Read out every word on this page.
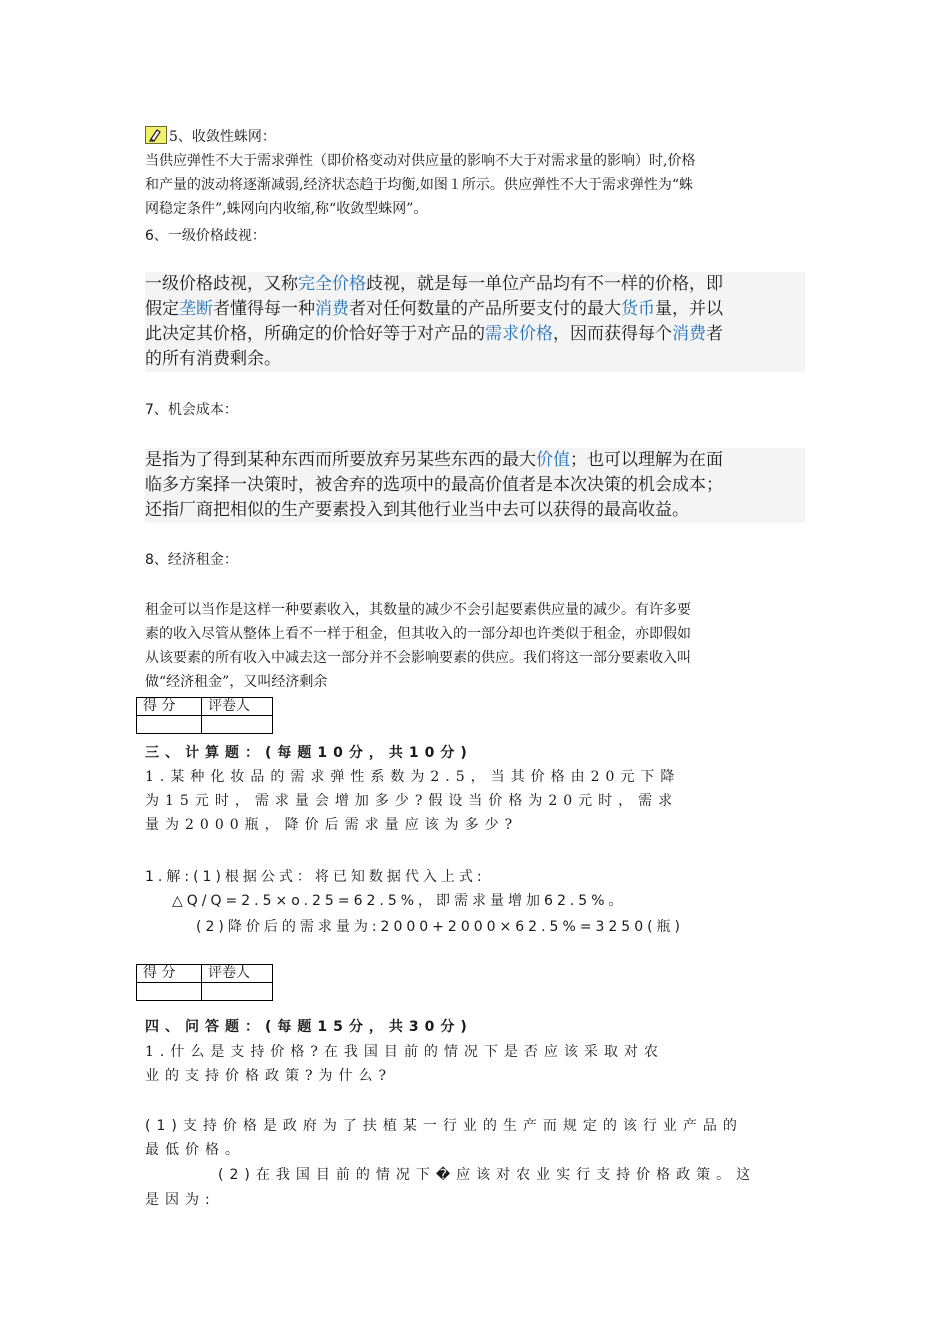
5、收敛性蛛网：
当供应弹性不大于需求弹性（即价格变动对供应量的影响不大于对需求量的影响）时,价格
和产量的波动将逐渐减弱,经济状态趋于均衡,如图１所示。供应弹性不大于需求弹性为“蛛
网稳定条件”,蛛网向内收缩,称“收敛型蛛网”。
6、一级价格歧视：
一级价格歧视，又称完全价格歧视，就是每一单位产品均有不一样的价格，即
假定垄断者懂得每一种消费者对任何数量的产品所要支付的最大货币量，并以
此决定其价格，所确定的价恰好等于对产品的需求价格，因而获得每个消费者
的所有消费剩余。
7、机会成本：
是指为了得到某种东西而所要放弃另某些东西的最大价值；也可以理解为在面
临多方案择一决策时，被舍弃的选项中的最高价值者是本次决策的机会成本；
还指厂商把相似的生产要素投入到其他行业当中去可以获得的最高收益。
8、经济租金：
租金可以当作是这样一种要素收入，其数量的减少不会引起要素供应量的减少。有许多要
素的收入尽管从整体上看不一样于租金，但其收入的一部分却也许类似于租金，亦即假如
从该要素的所有收入中减去这一部分并不会影响要素的供应。我们将这一部分要素收入叫
做“经济租金”，又叫经济剩余
得 分	评卷人

三、计算题：(每题10分，共10分)
1.某种化妆品的需求弹性系数为2.5，当其价格由20元下降
为15元时，需求量会增加多少?假设当价格为20元时，需求
量为2000瓶，降价后需求量应该为多少?
1.解:(1)根据公式：将已知数据代入上式:
△Q/Q=2.5×o.25=62.5%，即需求量增加62.5%。
(2)降价后的需求量为:2000+2000×62.5%=3250(瓶)
得 分	评卷人

四、问答题：(每题15分，共30分)
1.什么是支持价格?在我国目前的情况下是否应该采取对农
业的支持价格政策?为什么?
(1)支持价格是政府为了扶植某一行业的生产而规定的该行业产品的
最低价格。
(2)在我国目前的情况下�应该对农业实行支持价格政策。这
是因为:
